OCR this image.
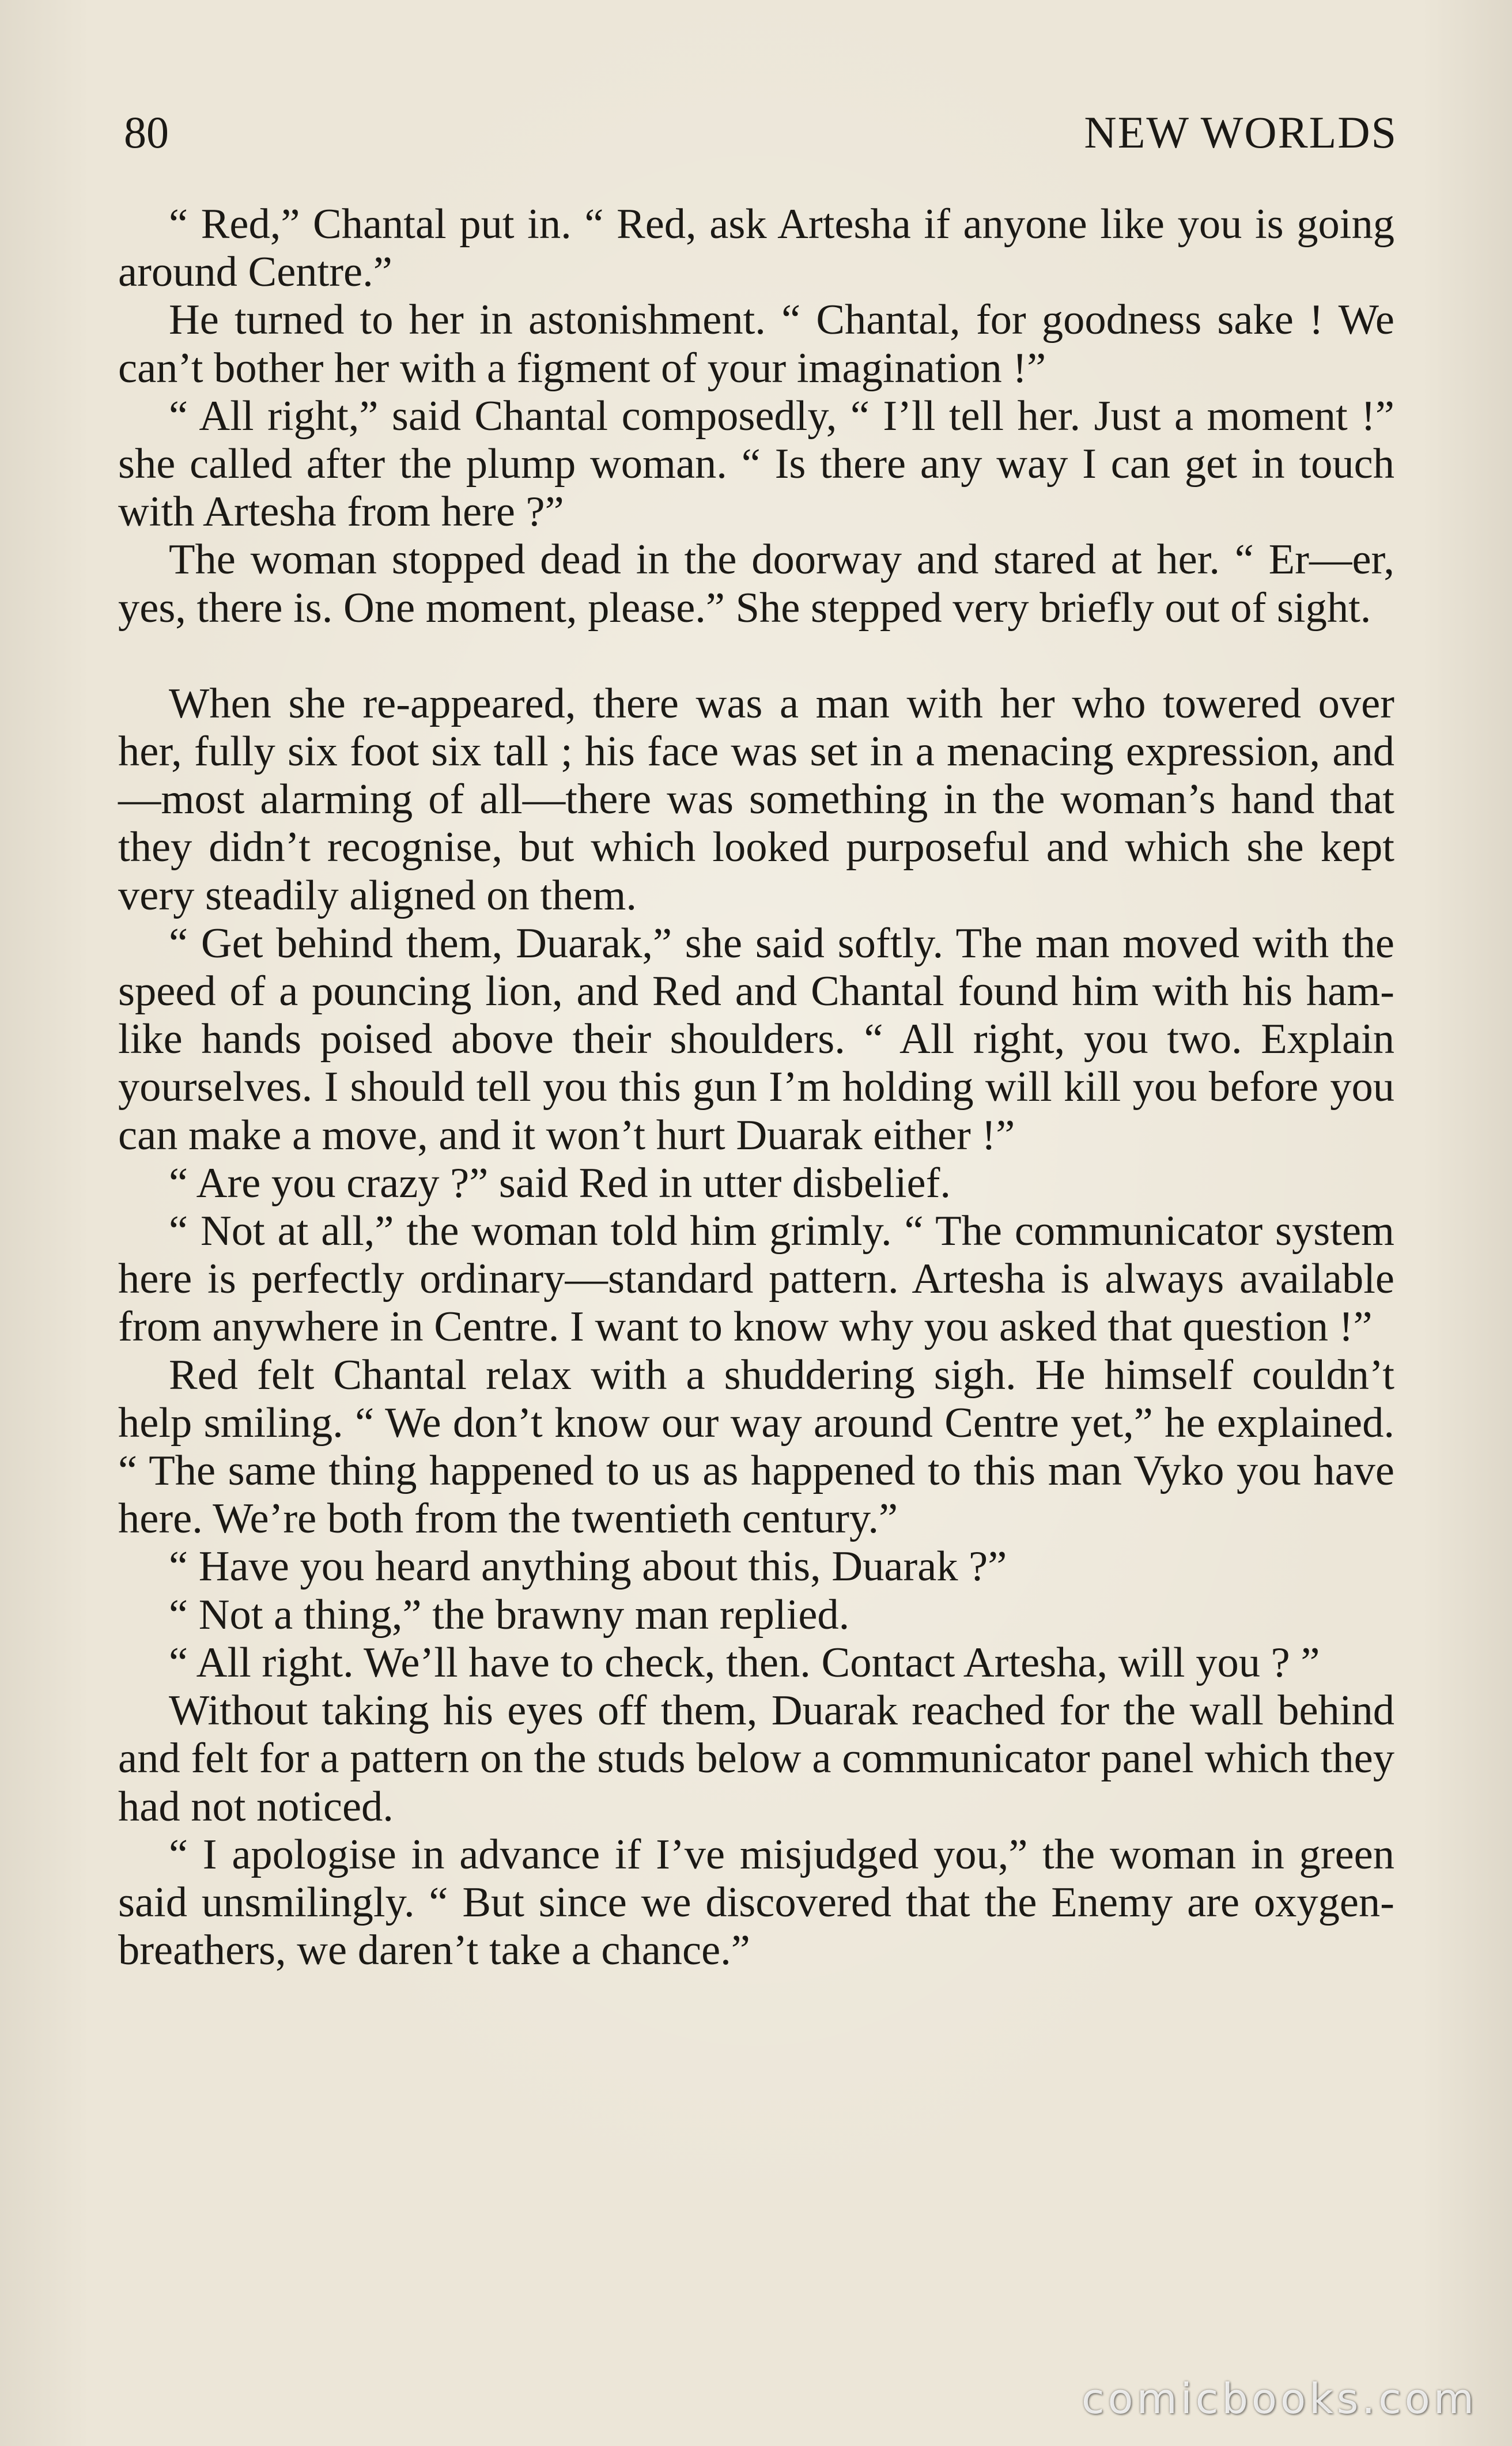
80	NEW WORLDS

“ Red,” Chantal put in. “ Red, ask Artesha if anyone like you is going around Centre.”

He turned to her in astonishment. “ Chantal, for goodness sake ! We can’t bother her with a figment of your imagination !”

“ All right,” said Chantal composedly, “ I’ll tell her. Just a moment !” she called after the plump woman. “ Is there any way I can get in touch with Artesha from here ?”

The woman stopped dead in the doorway and stared at her. “ Er—er, yes, there is. One moment, please.” She stepped very briefly out of sight.

When she re-appeared, there was a man with her who towered over her, fully six foot six tall ; his face was set in a menacing expression, and—most alarming of all—there was something in the woman’s hand that they didn’t recognise, but which looked purposeful and which she kept very steadily aligned on them.

“ Get behind them, Duarak,” she said softly. The man moved with the speed of a pouncing lion, and Red and Chantal found him with his ham-like hands poised above their shoulders. “ All right, you two. Explain yourselves. I should tell you this gun I’m holding will kill you before you can make a move, and it won’t hurt Duarak either !”

“ Are you crazy ?” said Red in utter disbelief.

“ Not at all,” the woman told him grimly. “ The communicator system here is perfectly ordinary—standard pattern. Artesha is always available from anywhere in Centre. I want to know why you asked that question !”

Red felt Chantal relax with a shuddering sigh. He himself couldn’t help smiling. “ We don’t know our way around Centre yet,” he explained. “ The same thing happened to us as happened to this man Vyko you have here. We’re both from the twentieth century.”

“ Have you heard anything about this, Duarak ?”

“ Not a thing,” the brawny man replied.

“ All right. We’ll have to check, then. Contact Artesha, will you ? ”

Without taking his eyes off them, Duarak reached for the wall behind and felt for a pattern on the studs below a communicator panel which they had not noticed.

“ I apologise in advance if I’ve misjudged you,” the woman in green said unsmilingly. “ But since we discovered that the Enemy are oxygen-breathers, we daren’t take a chance.”

comicbooks.com
